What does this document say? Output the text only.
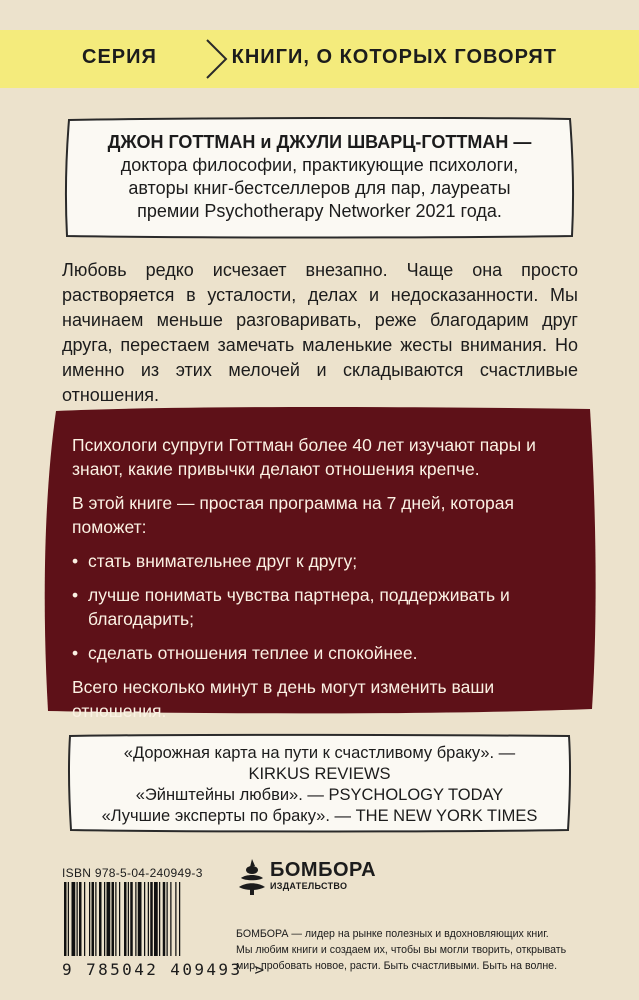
СЕРИЯ	КНИГИ, О КОТОРЫХ ГОВОРЯТ
ДЖОН ГОТТМАН и ДЖУЛИ ШВАРЦ-ГОТТМАН —
доктора философии, практикующие психологи,
авторы книг-бестселлеров для пар, лауреаты
премии Psychotherapy Networker 2021 года.
Любовь редко исчезает внезапно. Чаще она просто растворяется в усталости, делах и недосказанности. Мы начинаем меньше разговаривать, реже благодарим друг друга, перестаем замечать маленькие жесты внимания. Но именно из этих мелочей и складываются счастливые отношения.

Психологи супруги Готтман более 40 лет изучают пары и знают, какие привычки делают отношения крепче.

В этой книге — простая программа на 7 дней, которая поможет:

• стать внимательнее друг к другу;
• лучше понимать чувства партнера, поддерживать и благодарить;
• сделать отношения теплее и спокойнее.

Всего несколько минут в день могут изменить ваши отношения.

«Дорожная карта на пути к счастливому браку». —
KIRKUS REVIEWS
«Эйнштейны любви». — PSYCHOLOGY TODAY
«Лучшие эксперты по браку». — THE NEW YORK TIMES
ISBN 978-5-04-240949-3
9 785042 409493 >
БОМБОРА
ИЗДАТЕЛЬСТВО
БОМБОРА — лидер на рынке полезных и вдохновляющих книг.
Мы любим книги и создаем их, чтобы вы могли творить, открывать
мир, пробовать новое, расти. Быть счастливыми. Быть на волне.
